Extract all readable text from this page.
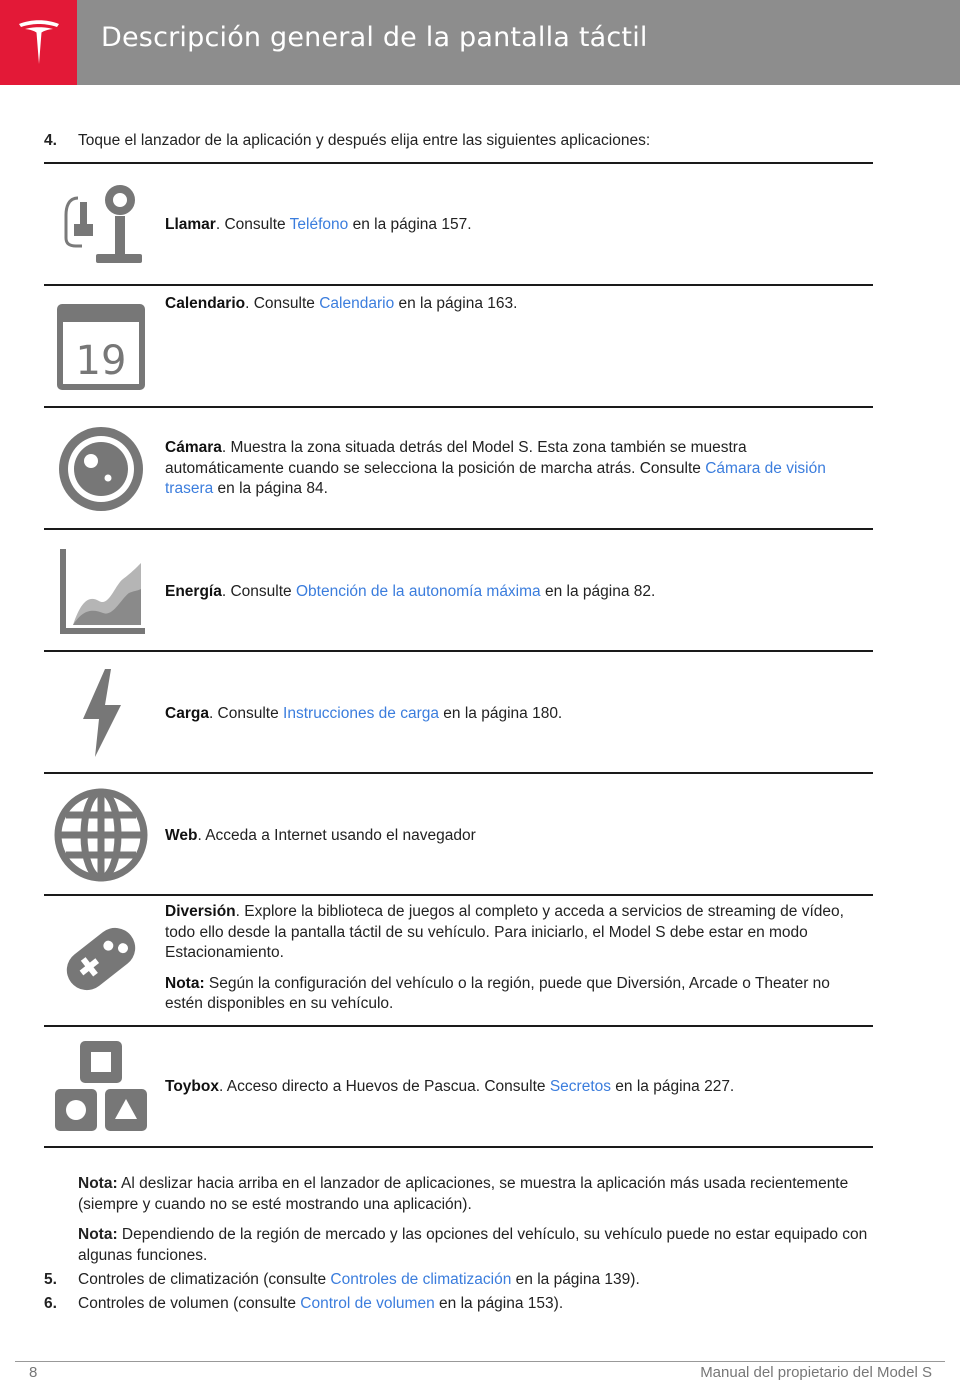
Descripción general de la pantalla táctil
4. Toque el lanzador de la aplicación y después elija entre las siguientes aplicaciones:

Llamar. Consulte Teléfono en la página 157.

19

Calendario. Consulte Calendario en la página 163.

Cámara. Muestra la zona situada detrás del Model S. Esta zona también se muestra automáticamente cuando se selecciona la posición de marcha atrás. Consulte Cámara de visión trasera en la página 84.

Energía. Consulte Obtención de la autonomía máxima en la página 82.

Carga. Consulte Instrucciones de carga en la página 180.

Web. Acceda a Internet usando el navegador

Diversión. Explore la biblioteca de juegos al completo y acceda a servicios de streaming de vídeo, todo ello desde la pantalla táctil de su vehículo. Para iniciarlo, el Model S debe estar en modo Estacionamiento.

Nota: Según la configuración del vehículo o la región, puede que Diversión, Arcade o Theater no estén disponibles en su vehículo.

Toybox. Acceso directo a Huevos de Pascua. Consulte Secretos en la página 227.

Nota: Al deslizar hacia arriba en el lanzador de aplicaciones, se muestra la aplicación más usada recientemente (siempre y cuando no se esté mostrando una aplicación).
Nota: Dependiendo de la región de mercado y las opciones del vehículo, su vehículo puede no estar equipado con algunas funciones.
5. Controles de climatización (consulte Controles de climatización en la página 139).
6. Controles de volumen (consulte Control de volumen en la página 153).
8	Manual del propietario del Model S
